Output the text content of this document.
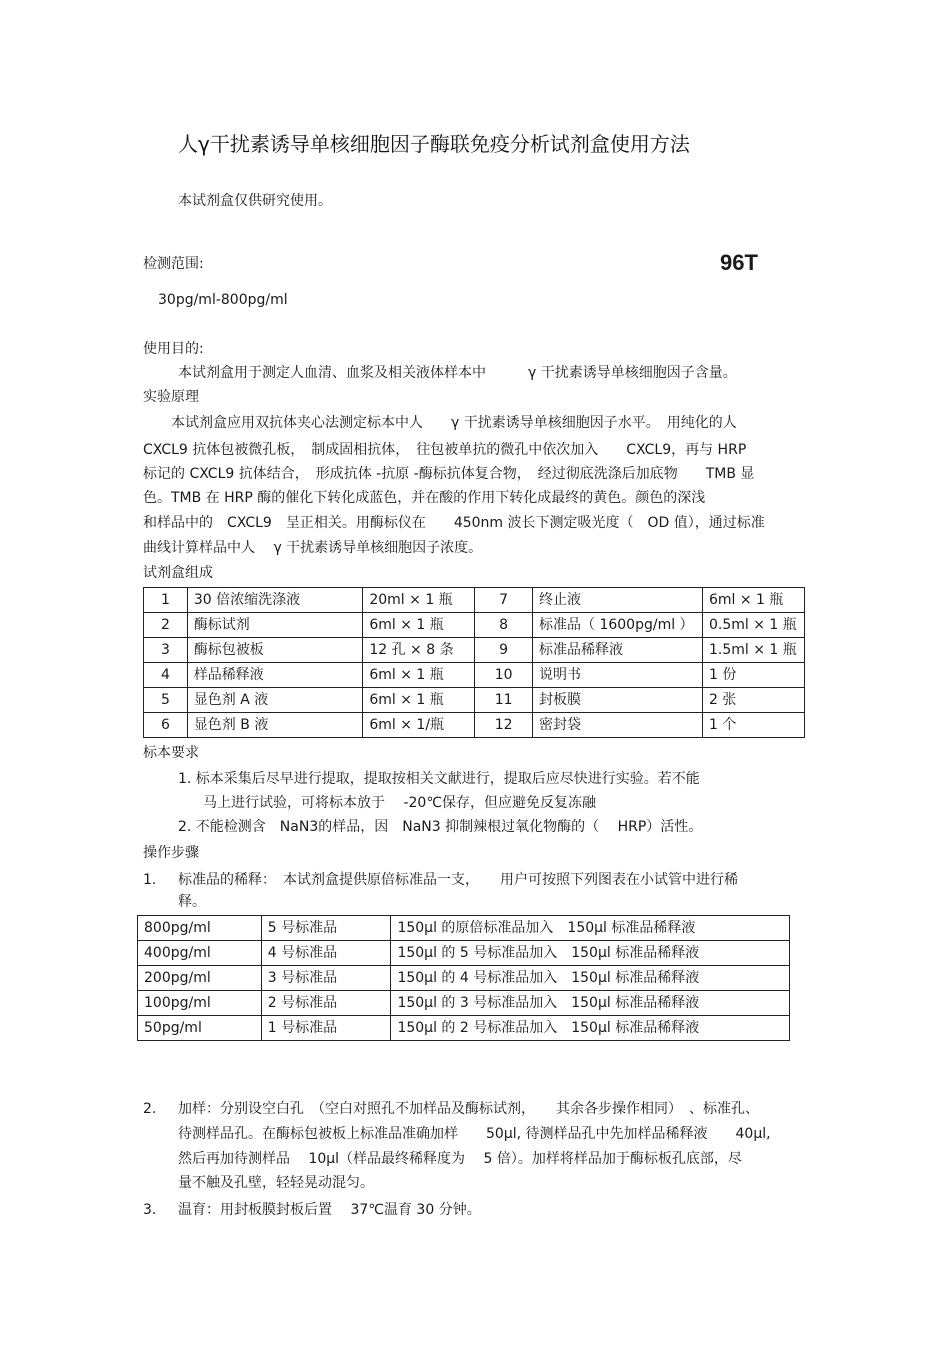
人γ干扰素诱导单核细胞因子酶联免疫分析试剂盒使用方法
本试剂盒仅供研究使用。
检测范围:	96T
30pg/ml-800pg/ml
使用目的:
本试剂盒用于测定人血清、血浆及相关液体样本中　　　γ 干扰素诱导单核细胞因子含量。
实验原理
　　本试剂盒应用双抗体夹心法测定标本中人　　γ 干扰素诱导单核细胞因子水平。　用纯化的人
CXCL9 抗体包被微孔板，　制成固相抗体，　往包被单抗的微孔中依次加入　　CXCL9，再与 HRP
标记的 CXCL9 抗体结合，　形成抗体 -抗原 -酶标抗体复合物，　经过彻底洗涤后加底物　　TMB 显
色。TMB 在 HRP 酶的催化下转化成蓝色，并在酸的作用下转化成最终的黄色。颜色的深浅
和样品中的　CXCL9　呈正相关。用酶标仪在　　450nm 波长下测定吸光度（　OD 值），通过标准
曲线计算样品中人　 γ 干扰素诱导单核细胞因子浓度。
试剂盒组成
1	30 倍浓缩洗涤液	20ml × 1 瓶	7	终止液	6ml × 1 瓶
2	酶标试剂	6ml × 1 瓶	8	标准品（ 1600pg/ml ）	0.5ml × 1 瓶
3	酶标包被板	12 孔 × 8 条	9	标准品稀释液	1.5ml × 1 瓶
4	样品稀释液	6ml × 1 瓶	10	说明书	1 份
5	显色剂 A 液	6ml × 1 瓶	11	封板膜	2 张
6	显色剂 B 液	6ml × 1/瓶	12	密封袋	1 个
标本要求
1. 标本采集后尽早进行提取，提取按相关文献进行，提取后应尽快进行实验。若不能
马上进行试验，可将标本放于　 -20℃保存，但应避免反复冻融
2. 不能检测含　NaN3的样品，因　NaN3 抑制辣根过氧化物酶的（　 HRP）活性。
操作步骤
1. 标准品的稀释：　本试剂盒提供原倍标准品一支，　　用户可按照下列图表在小试管中进行稀
释。
800pg/ml	5 号标准品	150μl 的原倍标准品加入　150μl 标准品稀释液
400pg/ml	4 号标准品	150μl 的 5 号标准品加入　150μl 标准品稀释液
200pg/ml	3 号标准品	150μl 的 4 号标准品加入　150μl 标准品稀释液
100pg/ml	2 号标准品	150μl 的 3 号标准品加入　150μl 标准品稀释液
50pg/ml	1 号标准品	150μl 的 2 号标准品加入　150μl 标准品稀释液
2. 加样：分别设空白孔　（空白对照孔不加样品及酶标试剂，　　其余各步操作相同）　、标准孔、
待测样品孔。在酶标包被板上标准品准确加样　　50μl, 待测样品孔中先加样品稀释液　　40μl,
然后再加待测样品　 10μl（样品最终稀释度为　 5 倍）。加样将样品加于酶标板孔底部，尽
量不触及孔壁，轻轻晃动混匀。
3. 温育：用封板膜封板后置　 37℃温育 30 分钟。
